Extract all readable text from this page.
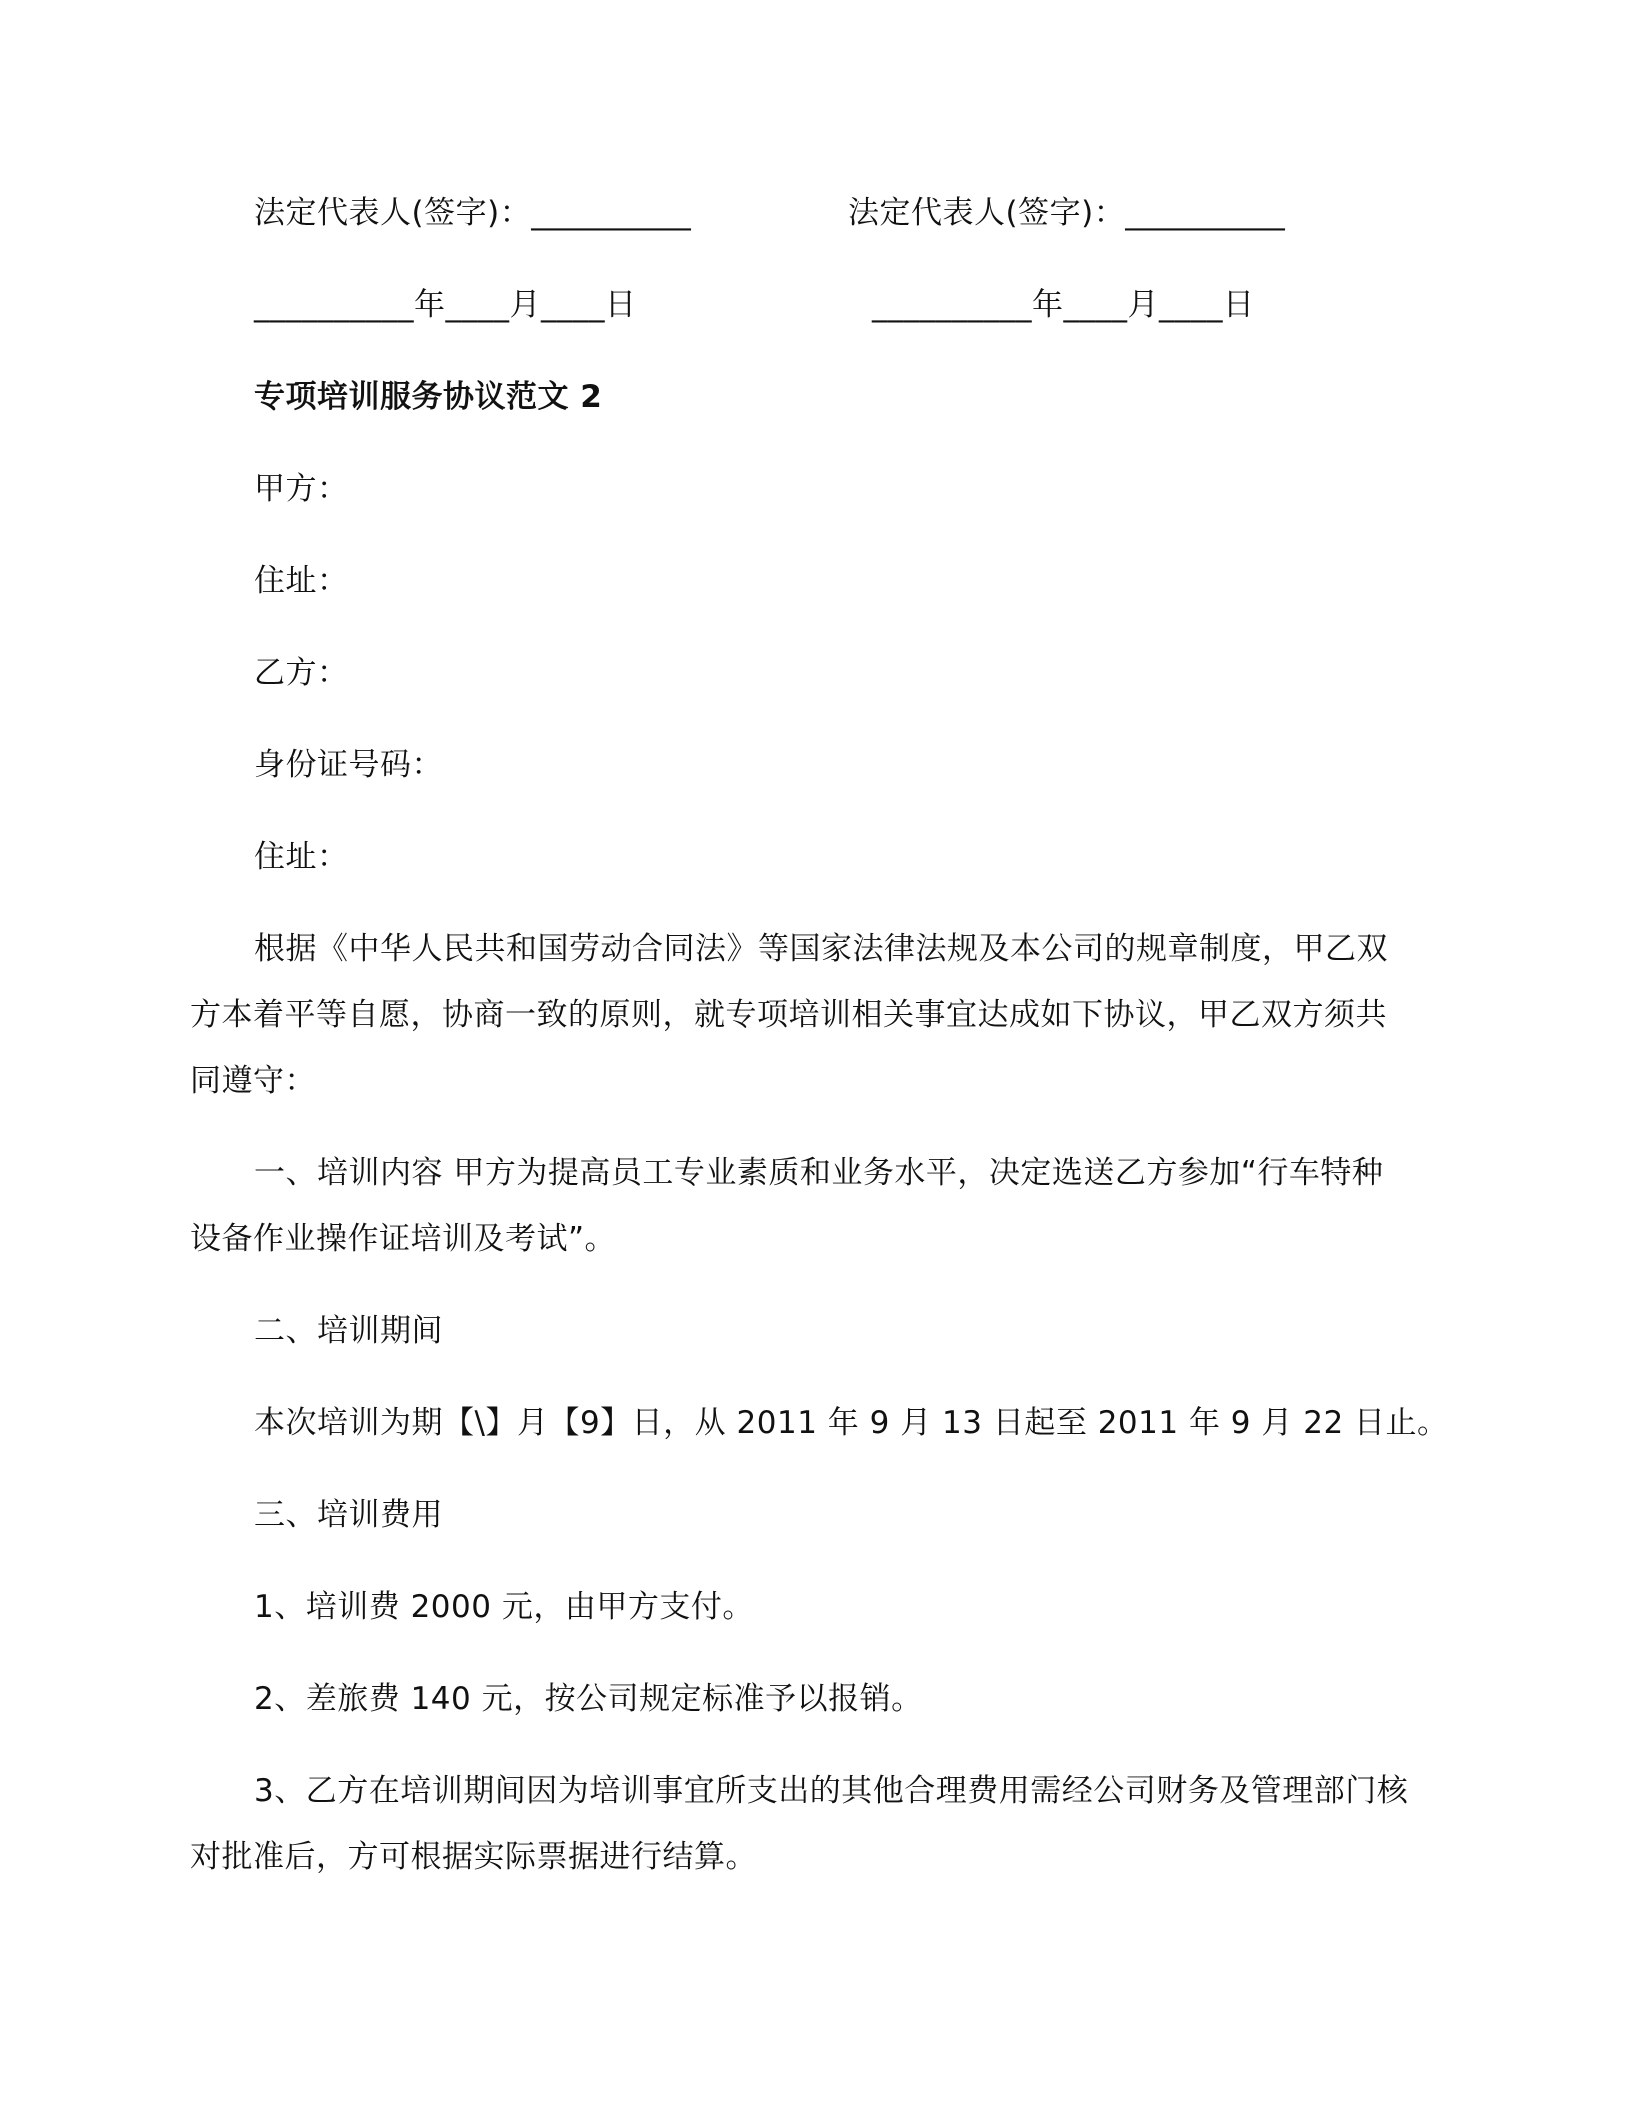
法定代表人(签字)：__________	法定代表人(签字)：__________
__________年____月____日	__________年____月____日
专项培训服务协议范文 2
甲方：
住址：
乙方：
身份证号码：
住址：
根据《中华人民共和国劳动合同法》等国家法律法规及本公司的规章制度，甲乙双
方本着平等自愿，协商一致的原则，就专项培训相关事宜达成如下协议，甲乙双方须共
同遵守：
一、培训内容 甲方为提高员工专业素质和业务水平，决定选送乙方参加“行车特种
设备作业操作证培训及考试”。
二、培训期间
本次培训为期【\】月【9】日，从 2011 年 9 月 13 日起至 2011 年 9 月 22 日止。
三、培训费用
1、培训费 2000 元，由甲方支付。
2、差旅费 140 元，按公司规定标准予以报销。
3、乙方在培训期间因为培训事宜所支出的其他合理费用需经公司财务及管理部门核
对批准后，方可根据实际票据进行结算。
